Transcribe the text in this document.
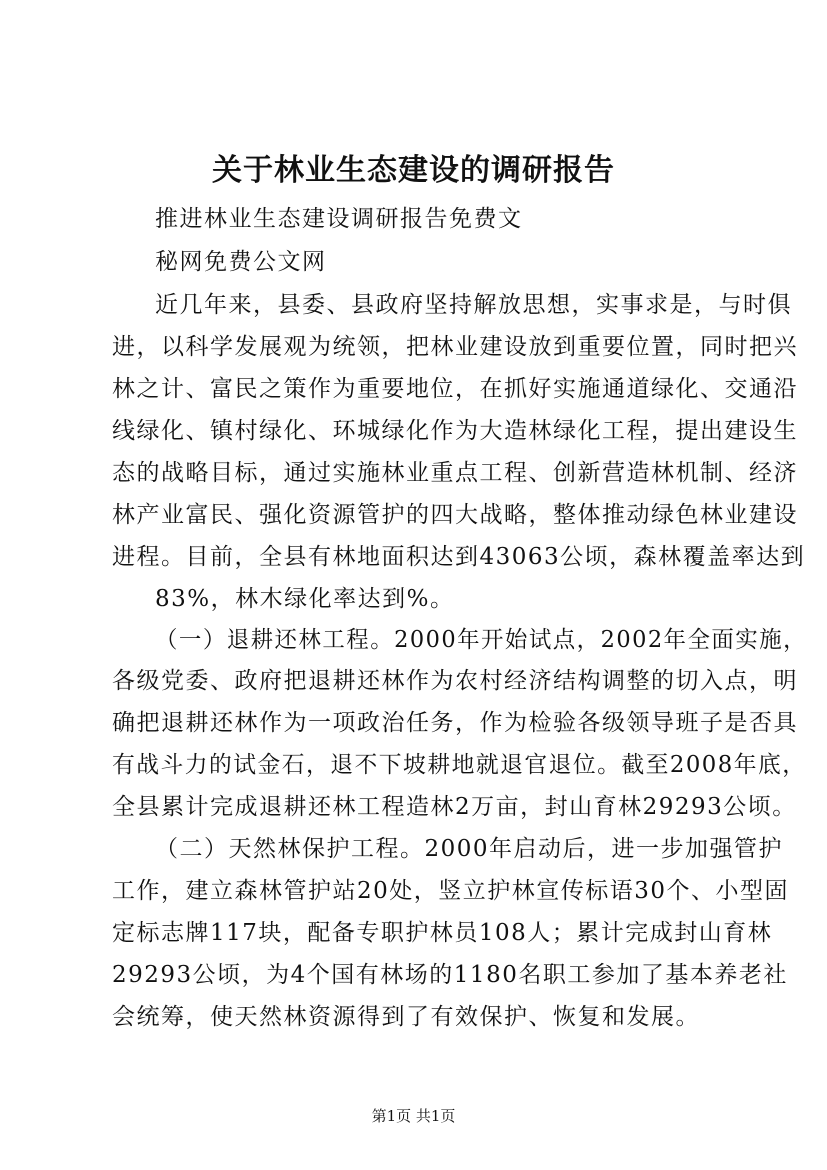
关于林业生态建设的调研报告
推进林业生态建设调研报告免费文
秘网免费公文网
近几年来，县委、县政府坚持解放思想，实事求是，与时俱
进，以科学发展观为统领，把林业建设放到重要位置，同时把兴
林之计、富民之策作为重要地位，在抓好实施通道绿化、交通沿
线绿化、镇村绿化、环城绿化作为大造林绿化工程，提出建设生
态的战略目标，通过实施林业重点工程、创新营造林机制、经济
林产业富民、强化资源管护的四大战略，整体推动绿色林业建设
进程。目前，全县有林地面积达到43063公顷，森林覆盖率达到
83%，林木绿化率达到%。
（一）退耕还林工程。2000年开始试点，2002年全面实施，
各级党委、政府把退耕还林作为农村经济结构调整的切入点，明
确把退耕还林作为一项政治任务，作为检验各级领导班子是否具
有战斗力的试金石，退不下坡耕地就退官退位。截至2008年底，
全县累计完成退耕还林工程造林2万亩，封山育林29293公顷。
（二）天然林保护工程。2000年启动后，进一步加强管护
工作，建立森林管护站20处，竖立护林宣传标语30个、小型固
定标志牌117块，配备专职护林员108人；累计完成封山育林
29293公顷，为4个国有林场的1180名职工参加了基本养老社
会统筹，使天然林资源得到了有效保护、恢复和发展。
第1页 共1页
